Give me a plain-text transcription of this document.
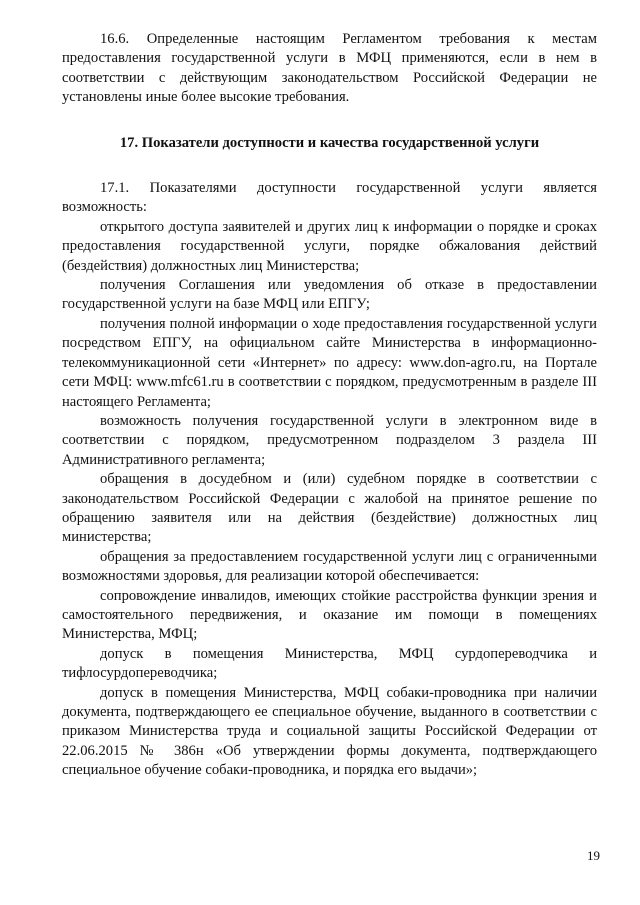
16.6. Определенные настоящим Регламентом требования к местам предоставления государственной услуги в МФЦ применяются, если в нем в соответствии с действующим законодательством Российской Федерации не установлены иные более высокие требования.

17. Показатели доступности и качества государственной услуги

17.1. Показателями доступности государственной услуги является возможность:

открытого доступа заявителей и других лиц к информации о порядке и сроках предоставления государственной услуги, порядке обжалования действий (бездействия) должностных лиц Министерства;

получения Соглашения или уведомления об отказе в предоставлении государственной услуги на базе МФЦ или ЕПГУ;

получения полной информации о ходе предоставления государственной услуги посредством ЕПГУ, на официальном сайте Министерства в информационно-телекоммуникационной сети «Интернет» по адресу: www.don-agro.ru, на Портале сети МФЦ: www.mfc61.ru в соответствии с порядком, предусмотренным в разделе III настоящего Регламента;

возможность получения государственной услуги в электронном виде в соответствии с порядком, предусмотренном подразделом 3 раздела III Административного регламента;

обращения в досудебном и (или) судебном порядке в соответствии с законодательством Российской Федерации с жалобой на принятое решение по обращению заявителя или на действия (бездействие) должностных лиц министерства;

обращения за предоставлением государственной услуги лиц с ограниченными возможностями здоровья, для реализации которой обеспечивается:

сопровождение инвалидов, имеющих стойкие расстройства функции зрения и самостоятельного передвижения, и оказание им помощи в помещениях Министерства, МФЦ;

допуск в помещения Министерства, МФЦ сурдопереводчика и тифлосурдопереводчика;

допуск в помещения Министерства, МФЦ собаки-проводника при наличии документа, подтверждающего ее специальное обучение, выданного в соответствии с приказом Министерства труда и социальной защиты Российской Федерации от 22.06.2015 № 386н «Об утверждении формы документа, подтверждающего специальное обучение собаки-проводника, и порядка его выдачи»;

19
